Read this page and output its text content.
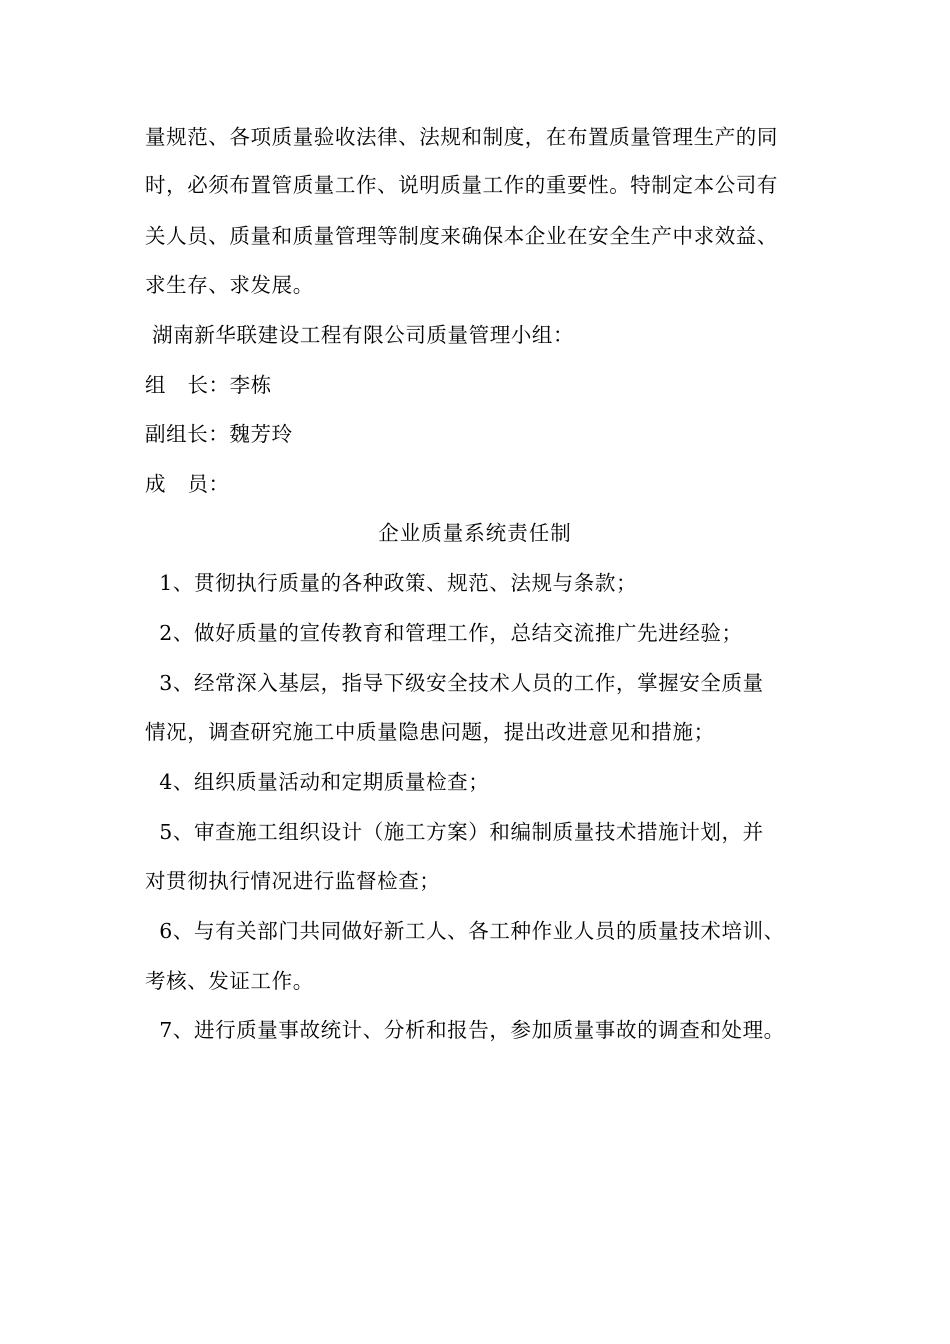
量规范、各项质量验收法律、法规和制度，在布置质量管理生产的同
时，必须布置管质量工作、说明质量工作的重要性。特制定本公司有
关人员、质量和质量管理等制度来确保本企业在安全生产中求效益、
求生存、求发展。
湖南新华联建设工程有限公司质量管理小组：
组   长：李栋
副组长：魏芳玲
成   员：
企业质量系统责任制
1、贯彻执行质量的各种政策、规范、法规与条款；
2、做好质量的宣传教育和管理工作，总结交流推广先进经验；
3、经常深入基层，指导下级安全技术人员的工作，掌握安全质量
情况，调查研究施工中质量隐患问题，提出改进意见和措施；
4、组织质量活动和定期质量检查；
5、审查施工组织设计（施工方案）和编制质量技术措施计划，并
对贯彻执行情况进行监督检查；
6、与有关部门共同做好新工人、各工种作业人员的质量技术培训、
考核、发证工作。
7、进行质量事故统计、分析和报告，参加质量事故的调查和处理。
